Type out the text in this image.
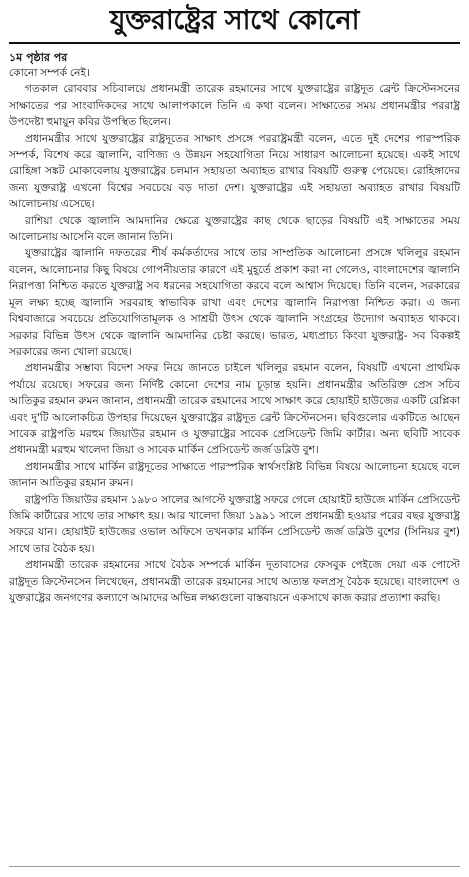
যুক্তরাষ্ট্রের সাথে কোনো

১ম পৃষ্ঠার পর

কোনো সম্পর্ক নেই।

গতকাল রোববার সচিবালয়ে প্রধানমন্ত্রী তারেক রহমানের সাথে যুক্তরাষ্ট্রের রাষ্ট্রদূত ব্রেন্ট ক্রিস্টেনসনের সাক্ষাতের পর সাংবাদিকদের সাথে আলাপকালে তিনি এ কথা বলেন। সাক্ষাতের সময় প্রধানমন্ত্রীর পররাষ্ট্র উপদেষ্টা হুমায়ুন কবির উপস্থিত ছিলেন।

প্রধানমন্ত্রীর সাথে যুক্তরাষ্ট্রের রাষ্ট্রদূতের সাক্ষাৎ প্রসঙ্গে পররাষ্ট্রমন্ত্রী বলেন, এতে দুই দেশের পারস্পরিক সম্পর্ক, বিশেষ করে জ্বালানি, বাণিজ্য ও উন্নয়ন সহযোগিতা নিয়ে সাধারণ আলোচনা হয়েছে। একই সাথে রোহিঙ্গা সঙ্কট মোকাবেলায় যুক্তরাষ্ট্রের চলমান সহায়তা অব্যাহত রাখার বিষয়টি গুরুত্ব পেয়েছে। রোহিঙ্গাদের জন্য যুক্তরাষ্ট্র এখনো বিশ্বের সবচেয়ে বড় দাতা দেশ। যুক্তরাষ্ট্রের এই সহায়তা অব্যাহত রাখার বিষয়টি আলোচনায় এসেছে।

রাশিয়া থেকে জ্বালানি আমদানির ক্ষেত্রে যুক্তরাষ্ট্রের কাছ থেকে ছাড়ের বিষয়টি এই সাক্ষাতের সময় আলোচনায় আসেনি বলে জানান তিনি।

যুক্তরাষ্ট্রের জ্বালানি দফতরের শীর্ষ কর্মকর্তাদের সাথে তার সাম্প্রতিক আলোচনা প্রসঙ্গে খলিলুর রহমান বলেন, আলোচনার কিছু বিষয়ে গোপনীয়তার কারণে এই মুহূর্তে প্রকাশ করা না গেলেও, বাংলাদেশের জ্বালানি নিরাপত্তা নিশ্চিত করতে যুক্তরাষ্ট্র সব ধরনের সহযোগিতা করবে বলে আশ্বাস দিয়েছে। তিনি বলেন, সরকারের মূল লক্ষ্য হচ্ছে জ্বালানি সরবরাহ স্বাভাবিক রাখা এবং দেশের জ্বালানি নিরাপত্তা নিশ্চিত করা। এ জন্য বিশ্ববাজারে সবচেয়ে প্রতিযোগিতামূলক ও সাশ্রয়ী উৎস থেকে জ্বালানি সংগ্রহের উদ্যোগ অব্যাহত থাকবে। সরকার বিভিন্ন উৎস থেকে জ্বালানি আমদানির চেষ্টা করছে। ভারত, মধ্যপ্রাচ্য কিংবা যুক্তরাষ্ট্র- সব বিকল্পই সরকারের জন্য খোলা রয়েছে।

প্রধানমন্ত্রীর সম্ভাব্য বিদেশ সফর নিয়ে জানতে চাইলে খলিলুর রহমান বলেন, বিষয়টি এখনো প্রাথমিক পর্যায়ে রয়েছে। সফরের জন্য নির্দিষ্ট কোনো দেশের নাম চূড়ান্ত হয়নি। প্রধানমন্ত্রীর অতিরিক্ত প্রেস সচিব আতিকুর রহমান রুমন জানান, প্রধানমন্ত্রী তারেক রহমানের সাথে সাক্ষাৎ করে হোয়াইট হাউজের একটি রেপ্লিকা এবং দু'টি আলোকচিত্র উপহার দিয়েছেন যুক্তরাষ্ট্রের রাষ্ট্রদূত ব্রেন্ট ক্রিস্টেনসেন। ছবিগুলোর একটিতে আছেন সাবেক রাষ্ট্রপতি মরহুম জিয়াউর রহমান ও যুক্তরাষ্ট্রের সাবেক প্রেসিডেন্ট জিমি কার্টার। অন্য ছবিটি সাবেক প্রধানমন্ত্রী মরহুম খালেদা জিয়া ও সাবেক মার্কিন প্রেসিডেন্ট জর্জ ডব্লিউ বুশ।

প্রধানমন্ত্রীর সাথে মার্কিন রাষ্ট্রদূতের সাক্ষাতে পারস্পরিক স্বার্থসংশ্লিষ্ট বিভিন্ন বিষয়ে আলোচনা হয়েছে বলে জানান আতিকুর রহমান রুমন।

রাষ্ট্রপতি জিয়াউর রহমান ১৯৮০ সালের আগস্টে যুক্তরাষ্ট্র সফরে গেলে হোয়াইট হাউজে মার্কিন প্রেসিডেন্ট জিমি কার্টারের সাথে তার সাক্ষাৎ হয়। আর খালেদা জিয়া ১৯৯১ সালে প্রধানমন্ত্রী হওয়ার পরের বছর যুক্তরাষ্ট্র সফরে যান। হোয়াইট হাউজের ওভাল অফিসে তখনকার মার্কিন প্রেসিডেন্ট জর্জ ডব্লিউ বুশের (সিনিয়র বুশ) সাথে তার বৈঠক হয়।

প্রধানমন্ত্রী তারেক রহমানের সাথে বৈঠক সম্পর্কে মার্কিন দূতাবাসের ফেসবুক পেইজে দেয়া এক পোস্টে রাষ্ট্রদূত ক্রিস্টেনসেন লিখেছেন, প্রধানমন্ত্রী তারেক রহমানের সাথে অত্যন্ত ফলপ্রসূ বৈঠক হয়েছে। বাংলাদেশ ও যুক্তরাষ্ট্রের জনগণের কল্যাণে আমাদের অভিন্ন লক্ষ্যগুলো বাস্তবায়নে একসাথে কাজ করার প্রত্যাশা করছি।
